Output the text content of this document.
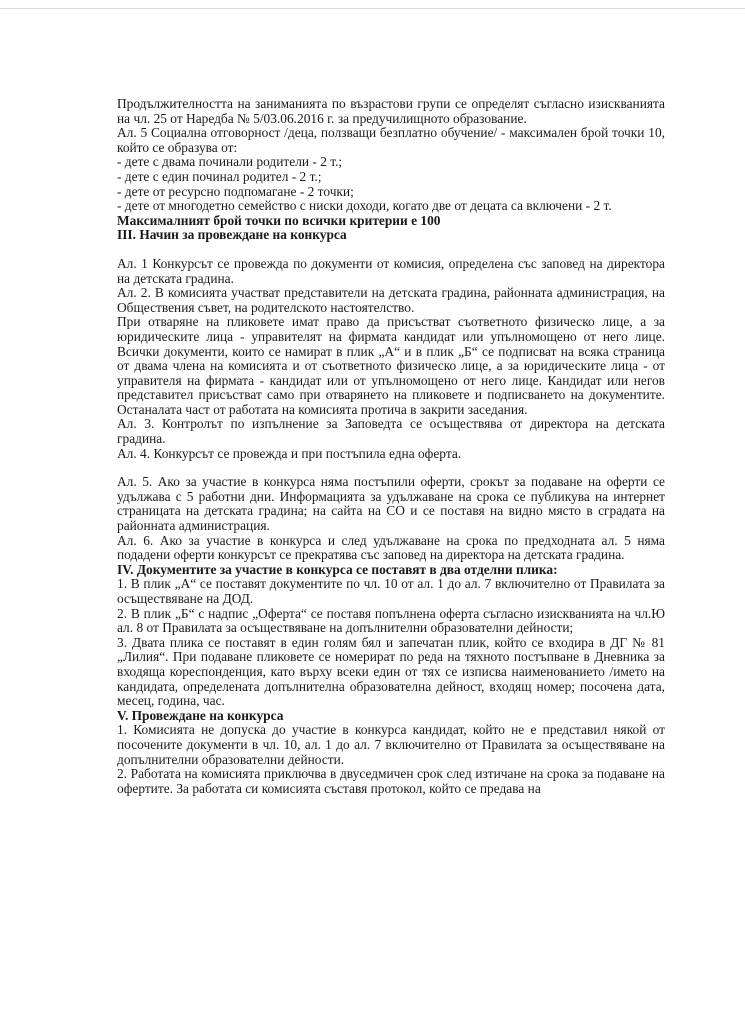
Продължителността на заниманията по възрастови групи се определят съгласно изискванията на чл. 25 от Наредба № 5/03.06.2016 г. за предучилищното образование.

Ал. 5 Социална отговорност /деца, ползващи безплатно обучение/ - максимален брой точки 10, който се образува от:

- дете с двама починали родители - 2 т.;

- дете с един починал родител - 2 т.;

- дете от ресурсно подпомагане - 2 точки;

- дете от многодетно семейство с ниски доходи, когато две от децата са включени - 2 т.

Максималният брой точки по всички критерии е 100

III. Начин за провеждане на конкурса

Ал. 1 Конкурсът се провежда по документи от комисия, определена със заповед на директора на детската градина.

Ал. 2. В комисията участват представители на детската градина, районната администрация, на Обществения съвет, на родителското настоятелство.

При отваряне на пликовете имат право да присъстват съответното физическо лице, а за юридическите лица - управителят на фирмата кандидат или упълномощено от него лице. Всички документи, които се намират в плик „А“ и в плик „Б“ се подписват на всяка страница от двама члена на комисията и от съответното физическо лице, а за юридическите лица - от управителя на фирмата - кандидат или от упълномощено от него лице. Кандидат или негов представител присъстват само при отварянето на пликовете и подписването на документите. Останалата част от работата на комисията протича в закрити заседания.

Ал. 3. Контролът по изпълнение за Заповедта се осъществява от директора на детската градина.

Ал. 4. Конкурсът се провежда и при постъпила една оферта.

Ал. 5. Ако за участие в конкурса няма постъпили оферти, срокът за подаване на оферти се удължава с 5 работни дни. Информацията за удължаване на срока се публикува на интернет страницата на детската градина; на сайта на СО и се поставя на видно място в сградата на районната администрация.

Ал. 6. Ако за участие в конкурса и след удължаване на срока по предходната ал. 5 няма подадени оферти конкурсът се прекратява със заповед на директора на детската градина.

IV. Документите за участие в конкурса се поставят в два отделни плика:

1. В плик „А“ се поставят документите по чл. 10 от ал. 1 до ал. 7 включително от Правилата за осъществяване на ДОД.

2. В плик „Б“ с надпис „Оферта“ се поставя попълнена оферта съгласно изискванията на чл.Ю ал. 8 от Правилата за осъществяване на допълнителни образователни дейности;

3. Двата плика се поставят в един голям бял и запечатан плик, който се входира в ДГ № 81 „Лилия“. При подаване пликовете се номерират по реда на тяхното постъпване в Дневника за входяща кореспонденция, като върху всеки един от тях се изписва наименованието /името на кандидата, определената допълнителна образователна дейност, входящ номер; посочена дата, месец, година, час.

V. Провеждане на конкурса

1. Комисията не допуска до участие в конкурса кандидат, който не е представил някой от посочените документи в чл. 10, ал. 1 до ал. 7 включително от Правилата за осъществяване на допълнителни образователни дейности.

2. Работата на комисията приключва в двуседмичен срок след изтичане на срока за подаване на офертите. За работата си комисията съставя протокол, който се предава на
